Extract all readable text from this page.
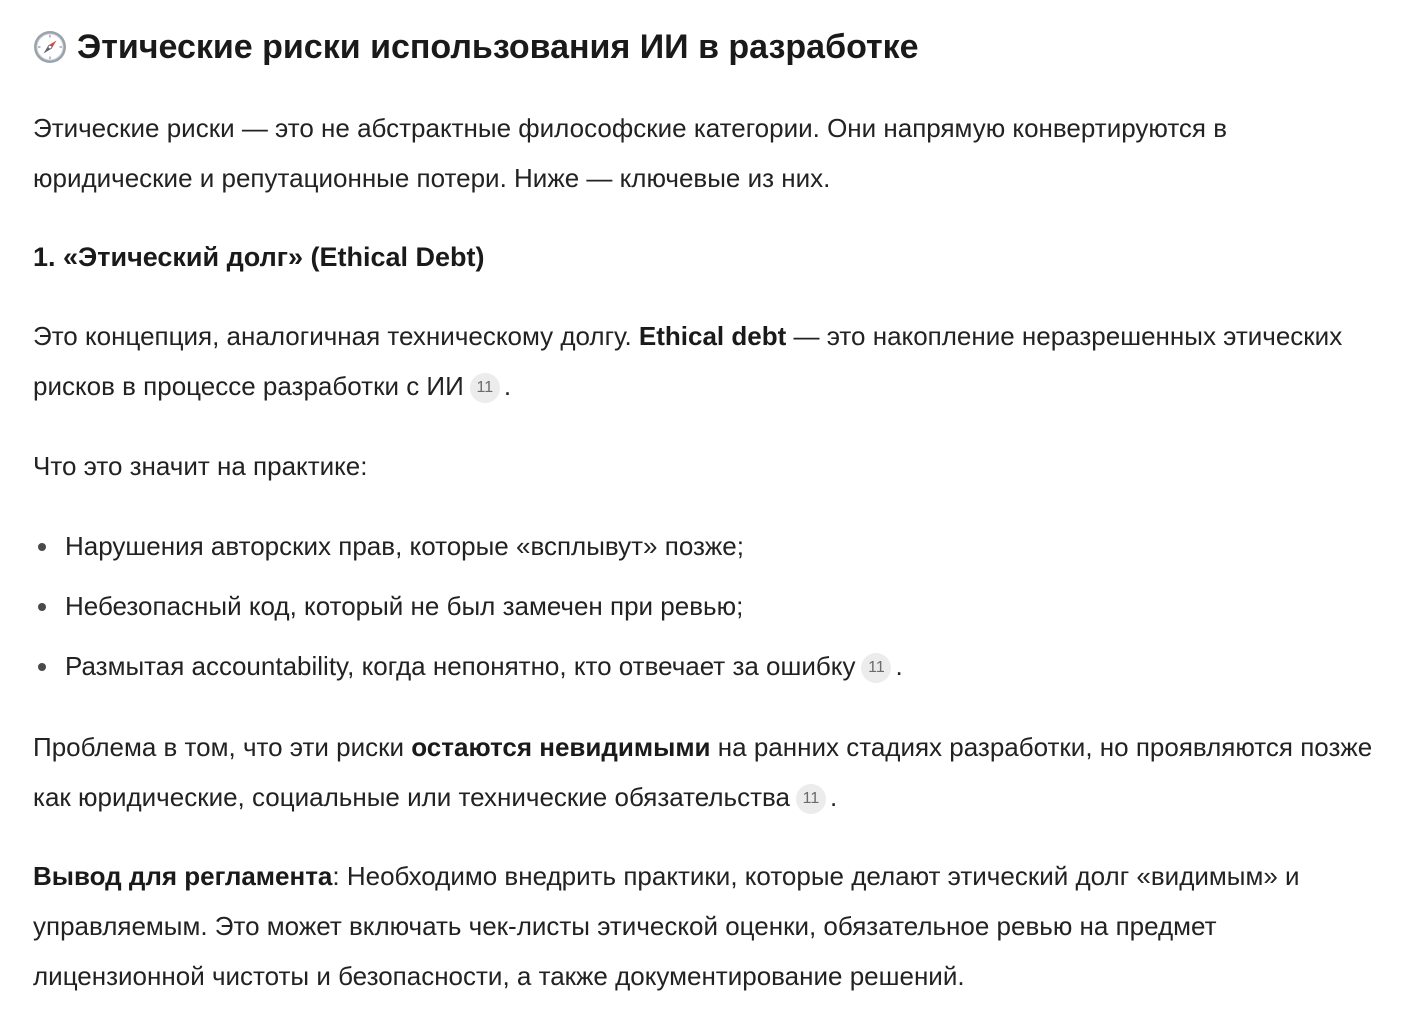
Этические риски использования ИИ в разработке

Этические риски — это не абстрактные философские категории. Они напрямую конвертируются в юридические и репутационные потери. Ниже — ключевые из них.

1. «Этический долг» (Ethical Debt)

Это концепция, аналогичная техническому долгу. Ethical debt — это накопление неразрешенных этических рисков в процессе разработки с ИИ 11 .

Что это значит на практике:

Нарушения авторских прав, которые «всплывут» позже;
Небезопасный код, который не был замечен при ревью;
Размытая accountability, когда непонятно, кто отвечает за ошибку 11 .

Проблема в том, что эти риски остаются невидимыми на ранних стадиях разработки, но проявляются позже как юридические, социальные или технические обязательства 11 .

Вывод для регламента: Необходимо внедрить практики, которые делают этический долг «видимым» и управляемым. Это может включать чек-листы этической оценки, обязательное ревью на предмет лицензионной чистоты и безопасности, а также документирование решений.
